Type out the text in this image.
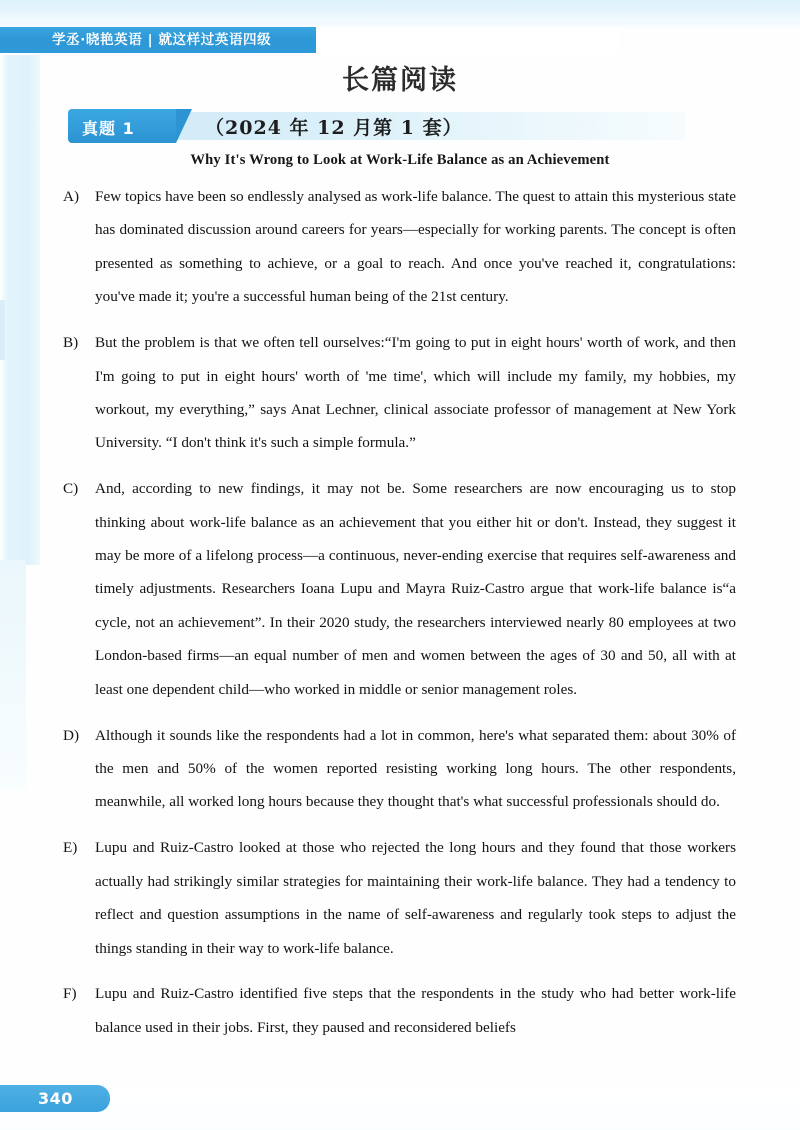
学丞·晓艳英语 | 就这样过英语四级
长篇阅读
真题 1	（2024 年 12 月第 1 套）
Why It's Wrong to Look at Work-Life Balance as an Achievement
A)	Few topics have been so endlessly analysed as work-life balance. The quest to attain this mysterious state has dominated discussion around careers for years—especially for working parents. The concept is often presented as something to achieve, or a goal to reach. And once you've reached it, congratulations: you've made it; you're a successful human being of the 21st century.
B)	But the problem is that we often tell ourselves:“I'm going to put in eight hours' worth of work, and then I'm going to put in eight hours' worth of 'me time', which will include my family, my hobbies, my workout, my everything,” says Anat Lechner, clinical associate professor of management at New York University. “I don't think it's such a simple formula.”
C)	And, according to new findings, it may not be. Some researchers are now encouraging us to stop thinking about work-life balance as an achievement that you either hit or don't. Instead, they suggest it may be more of a lifelong process—a continuous, never-ending exercise that requires self-awareness and timely adjustments. Researchers Ioana Lupu and Mayra Ruiz-Castro argue that work-life balance is“a cycle, not an achievement”. In their 2020 study, the researchers interviewed nearly 80 employees at two London-based firms—an equal number of men and women between the ages of 30 and 50, all with at least one dependent child—who worked in middle or senior management roles.
D)	Although it sounds like the respondents had a lot in common, here's what separated them: about 30% of the men and 50% of the women reported resisting working long hours. The other respondents, meanwhile, all worked long hours because they thought that's what successful professionals should do.
E)	Lupu and Ruiz-Castro looked at those who rejected the long hours and they found that those workers actually had strikingly similar strategies for maintaining their work-life balance. They had a tendency to reflect and question assumptions in the name of self-awareness and regularly took steps to adjust the things standing in their way to work-life balance.
F)	Lupu and Ruiz-Castro identified five steps that the respondents in the study who had better work-life balance used in their jobs. First, they paused and reconsidered beliefs
340
